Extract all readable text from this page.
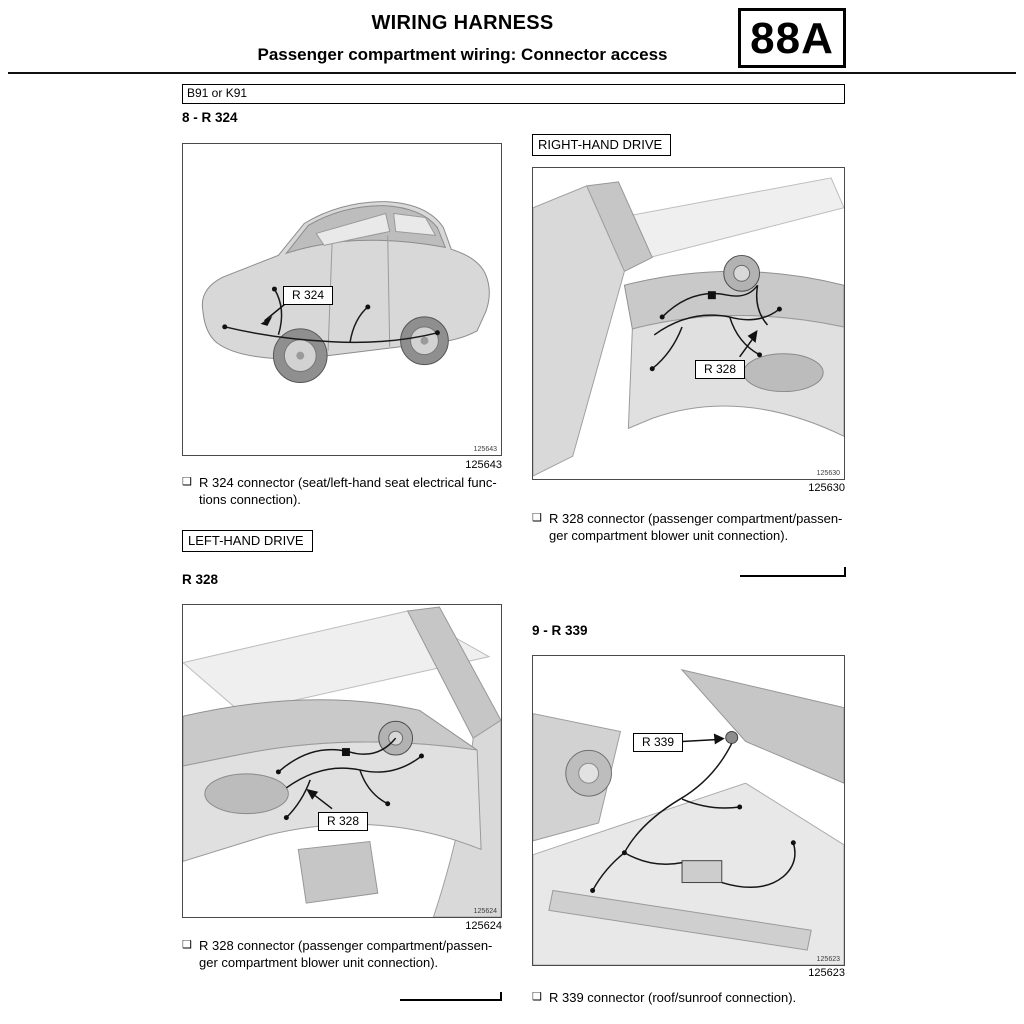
WIRING HARNESS
Passenger compartment wiring: Connector access	88A
B91 or K91
8 - R 324
R 324
125643
125643
❑ R 324 connector (seat/left-hand seat electrical func-
tions connection).
LEFT-HAND DRIVE
R 328
R 328
125624
125624
❑ R 328 connector (passenger compartment/passen-
ger compartment blower unit connection).
RIGHT-HAND DRIVE
R 328
125630
125630
❑ R 328 connector (passenger compartment/passen-
ger compartment blower unit connection).
9 - R 339
R 339
125623
125623
❑ R 339 connector (roof/sunroof connection).
